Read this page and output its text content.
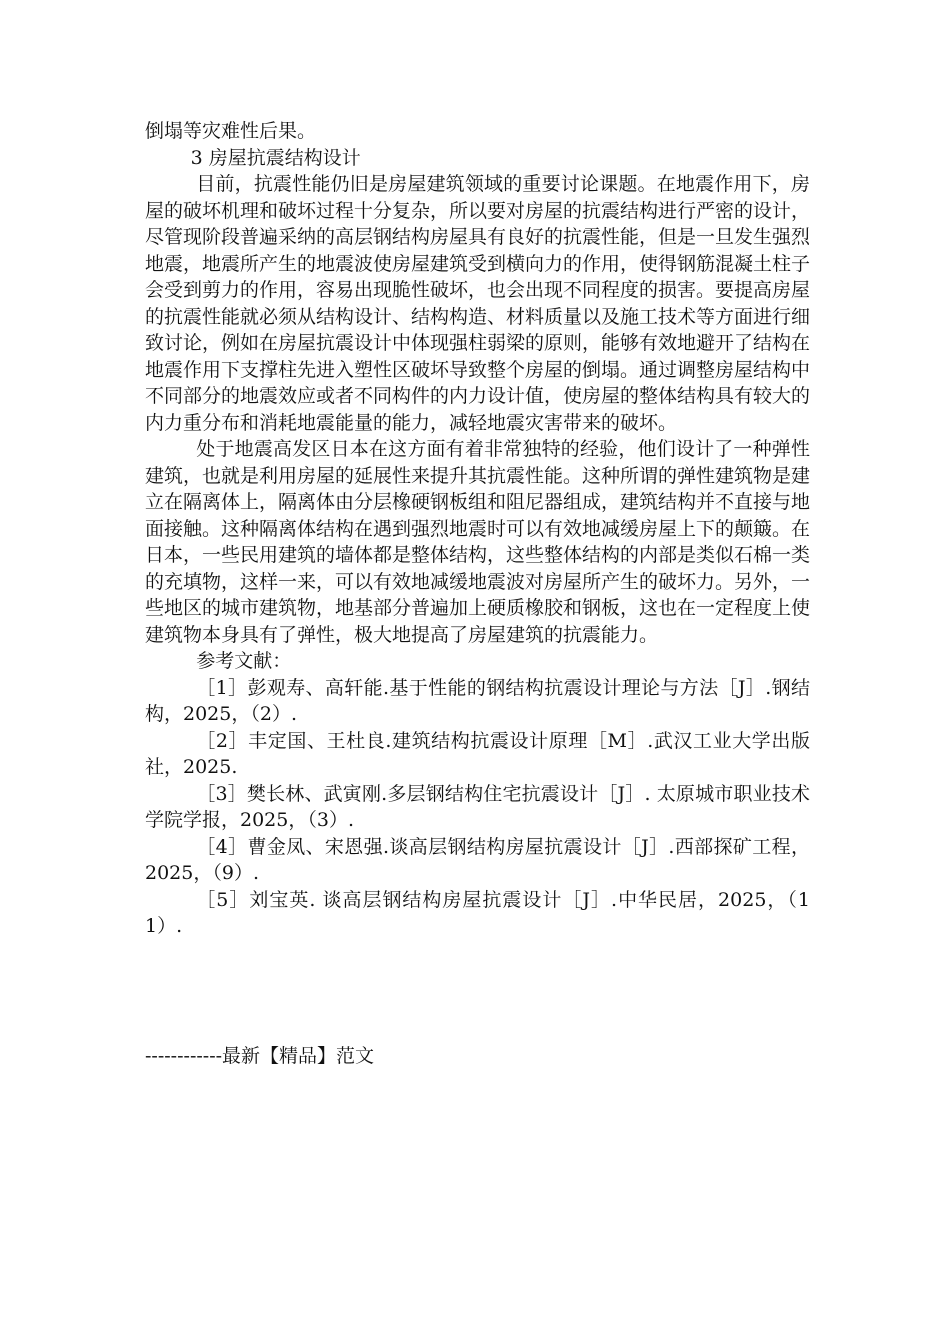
倒塌等灾难性后果。

3 房屋抗震结构设计

目前，抗震性能仍旧是房屋建筑领域的重要讨论课题。在地震作用下，房屋的破坏机理和破坏过程十分复杂，所以要对房屋的抗震结构进行严密的设计，尽管现阶段普遍采纳的高层钢结构房屋具有良好的抗震性能，但是一旦发生强烈地震，地震所产生的地震波使房屋建筑受到横向力的作用，使得钢筋混凝土柱子会受到剪力的作用，容易出现脆性破坏，也会出现不同程度的损害。要提高房屋的抗震性能就必须从结构设计、结构构造、材料质量以及施工技术等方面进行细致讨论，例如在房屋抗震设计中体现强柱弱梁的原则，能够有效地避开了结构在地震作用下支撑柱先进入塑性区破坏导致整个房屋的倒塌。通过调整房屋结构中不同部分的地震效应或者不同构件的内力设计值，使房屋的整体结构具有较大的内力重分布和消耗地震能量的能力，减轻地震灾害带来的破坏。

处于地震高发区日本在这方面有着非常独特的经验，他们设计了一种弹性建筑，也就是利用房屋的延展性来提升其抗震性能。这种所谓的弹性建筑物是建立在隔离体上，隔离体由分层橡硬钢板组和阻尼器组成，建筑结构并不直接与地面接触。这种隔离体结构在遇到强烈地震时可以有效地减缓房屋上下的颠簸。在日本，一些民用建筑的墙体都是整体结构，这些整体结构的内部是类似石棉一类的充填物，这样一来，可以有效地减缓地震波对房屋所产生的破坏力。另外，一些地区的城市建筑物，地基部分普遍加上硬质橡胶和钢板，这也在一定程度上使建筑物本身具有了弹性，极大地提高了房屋建筑的抗震能力。

参考文献：

［1］彭观寿、高轩能.基于性能的钢结构抗震设计理论与方法［J］.钢结构，2025，（2）.

［2］丰定国、王杜良.建筑结构抗震设计原理［M］.武汉工业大学出版社，2025.

［3］樊长林、武寅刚.多层钢结构住宅抗震设计［J］. 太原城市职业技术学院学报，2025，（3）.

［4］曹金凤、宋恩强.谈高层钢结构房屋抗震设计［J］.西部探矿工程，2025，（9）.

［5］刘宝英. 谈高层钢结构房屋抗震设计［J］.中华民居，2025，（11）.

------------最新【精品】范文
